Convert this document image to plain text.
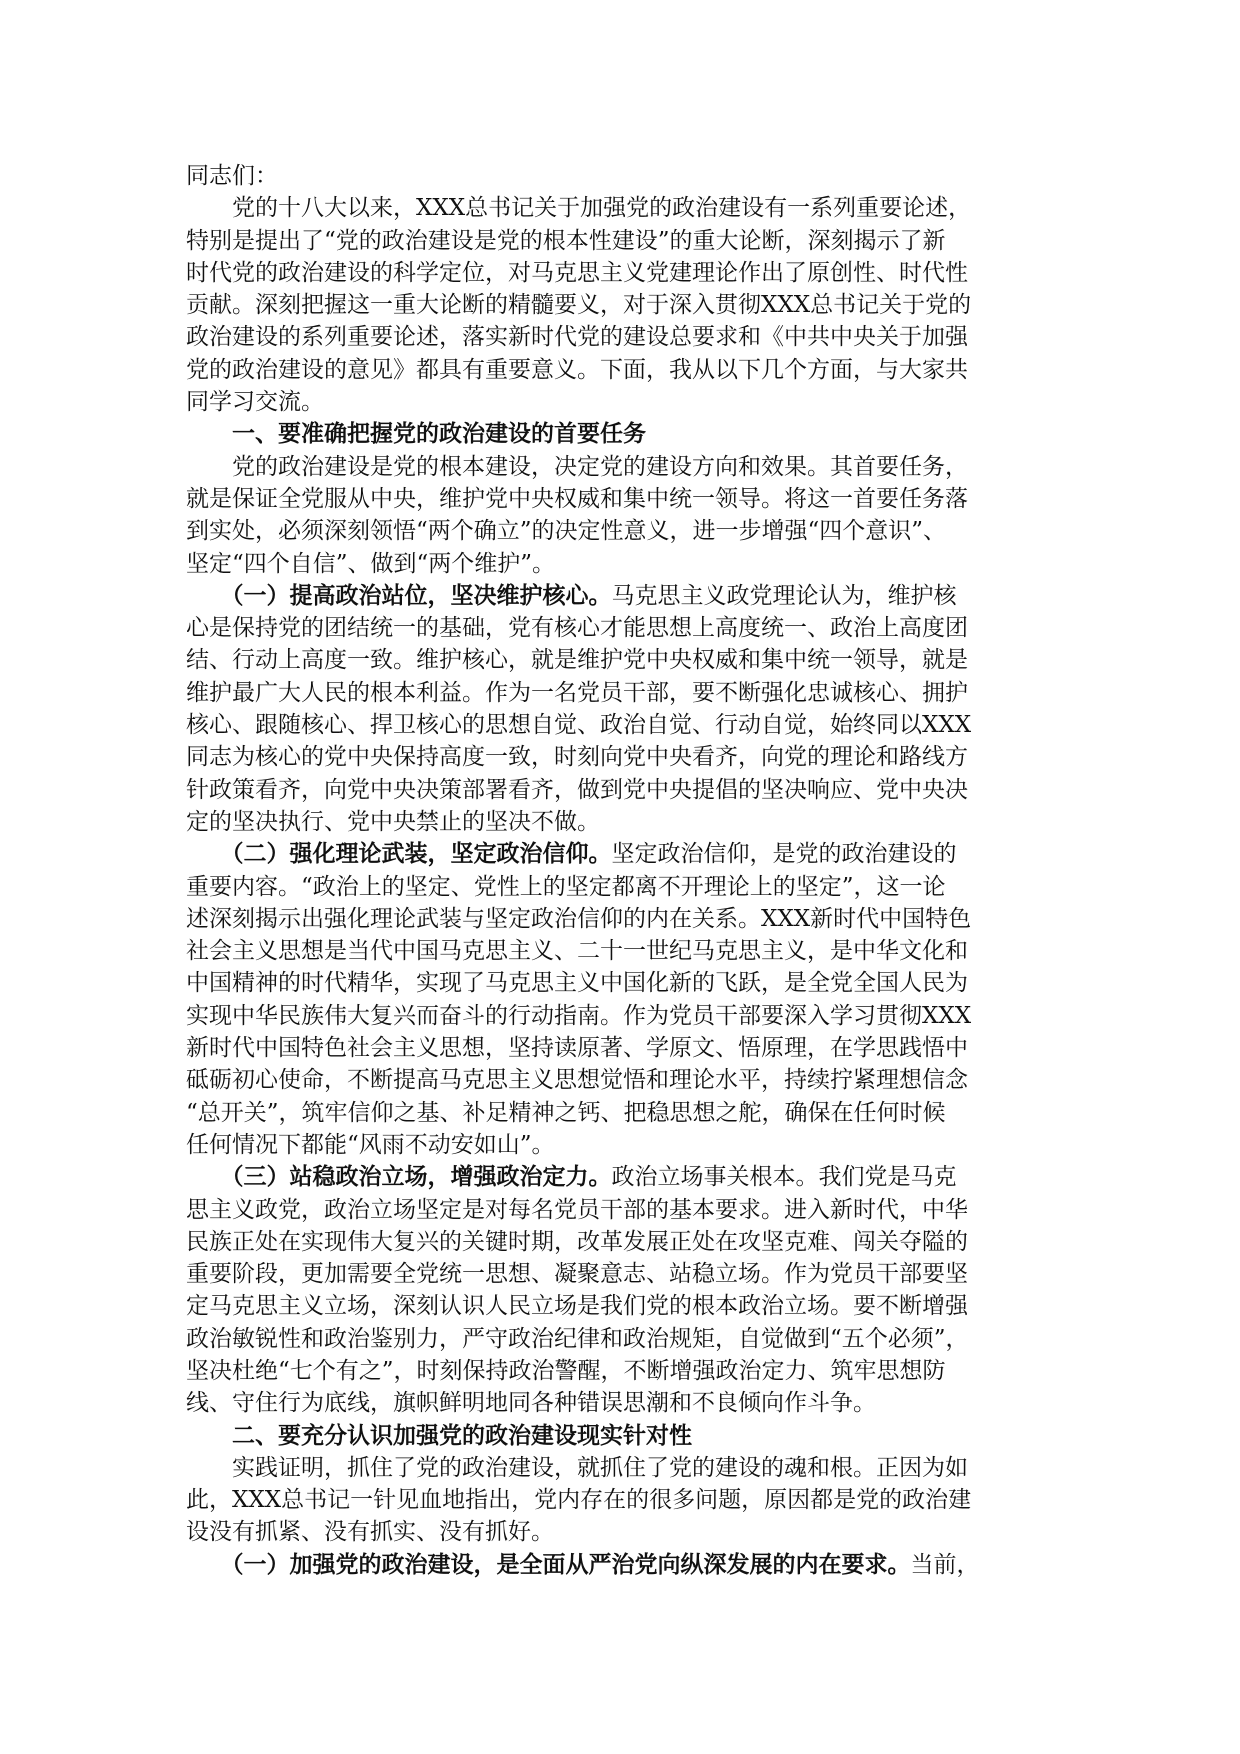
同志们：
　　党的十八大以来，XXX总书记关于加强党的政治建设有一系列重要论述，
特别是提出了“党的政治建设是党的根本性建设”的重大论断，深刻揭示了新
时代党的政治建设的科学定位，对马克思主义党建理论作出了原创性、时代性
贡献。深刻把握这一重大论断的精髓要义，对于深入贯彻XXX总书记关于党的
政治建设的系列重要论述，落实新时代党的建设总要求和《中共中央关于加强
党的政治建设的意见》都具有重要意义。下面，我从以下几个方面，与大家共
同学习交流。
　　一、要准确把握党的政治建设的首要任务
　　党的政治建设是党的根本建设，决定党的建设方向和效果。其首要任务，
就是保证全党服从中央，维护党中央权威和集中统一领导。将这一首要任务落
到实处，必须深刻领悟“两个确立”的决定性意义，进一步增强“四个意识”、
坚定“四个自信”、做到“两个维护”。
　　（一）提高政治站位，坚决维护核心。马克思主义政党理论认为，维护核
心是保持党的团结统一的基础，党有核心才能思想上高度统一、政治上高度团
结、行动上高度一致。维护核心，就是维护党中央权威和集中统一领导，就是
维护最广大人民的根本利益。作为一名党员干部，要不断强化忠诚核心、拥护
核心、跟随核心、捍卫核心的思想自觉、政治自觉、行动自觉，始终同以XXX
同志为核心的党中央保持高度一致，时刻向党中央看齐，向党的理论和路线方
针政策看齐，向党中央决策部署看齐，做到党中央提倡的坚决响应、党中央决
定的坚决执行、党中央禁止的坚决不做。
　　（二）强化理论武装，坚定政治信仰。坚定政治信仰，是党的政治建设的
重要内容。“政治上的坚定、党性上的坚定都离不开理论上的坚定”，这一论
述深刻揭示出强化理论武装与坚定政治信仰的内在关系。XXX新时代中国特色
社会主义思想是当代中国马克思主义、二十一世纪马克思主义，是中华文化和
中国精神的时代精华，实现了马克思主义中国化新的飞跃，是全党全国人民为
实现中华民族伟大复兴而奋斗的行动指南。作为党员干部要深入学习贯彻XXX
新时代中国特色社会主义思想，坚持读原著、学原文、悟原理，在学思践悟中
砥砺初心使命，不断提高马克思主义思想觉悟和理论水平，持续拧紧理想信念
“总开关”，筑牢信仰之基、补足精神之钙、把稳思想之舵，确保在任何时候
任何情况下都能“风雨不动安如山”。
　　（三）站稳政治立场，增强政治定力。政治立场事关根本。我们党是马克
思主义政党，政治立场坚定是对每名党员干部的基本要求。进入新时代，中华
民族正处在实现伟大复兴的关键时期，改革发展正处在攻坚克难、闯关夺隘的
重要阶段，更加需要全党统一思想、凝聚意志、站稳立场。作为党员干部要坚
定马克思主义立场，深刻认识人民立场是我们党的根本政治立场。要不断增强
政治敏锐性和政治鉴别力，严守政治纪律和政治规矩，自觉做到“五个必须”，
坚决杜绝“七个有之”，时刻保持政治警醒，不断增强政治定力、筑牢思想防
线、守住行为底线，旗帜鲜明地同各种错误思潮和不良倾向作斗争。
　　二、要充分认识加强党的政治建设现实针对性
　　实践证明，抓住了党的政治建设，就抓住了党的建设的魂和根。正因为如
此，XXX总书记一针见血地指出，党内存在的很多问题，原因都是党的政治建
设没有抓紧、没有抓实、没有抓好。
　　（一）加强党的政治建设，是全面从严治党向纵深发展的内在要求。当前，
